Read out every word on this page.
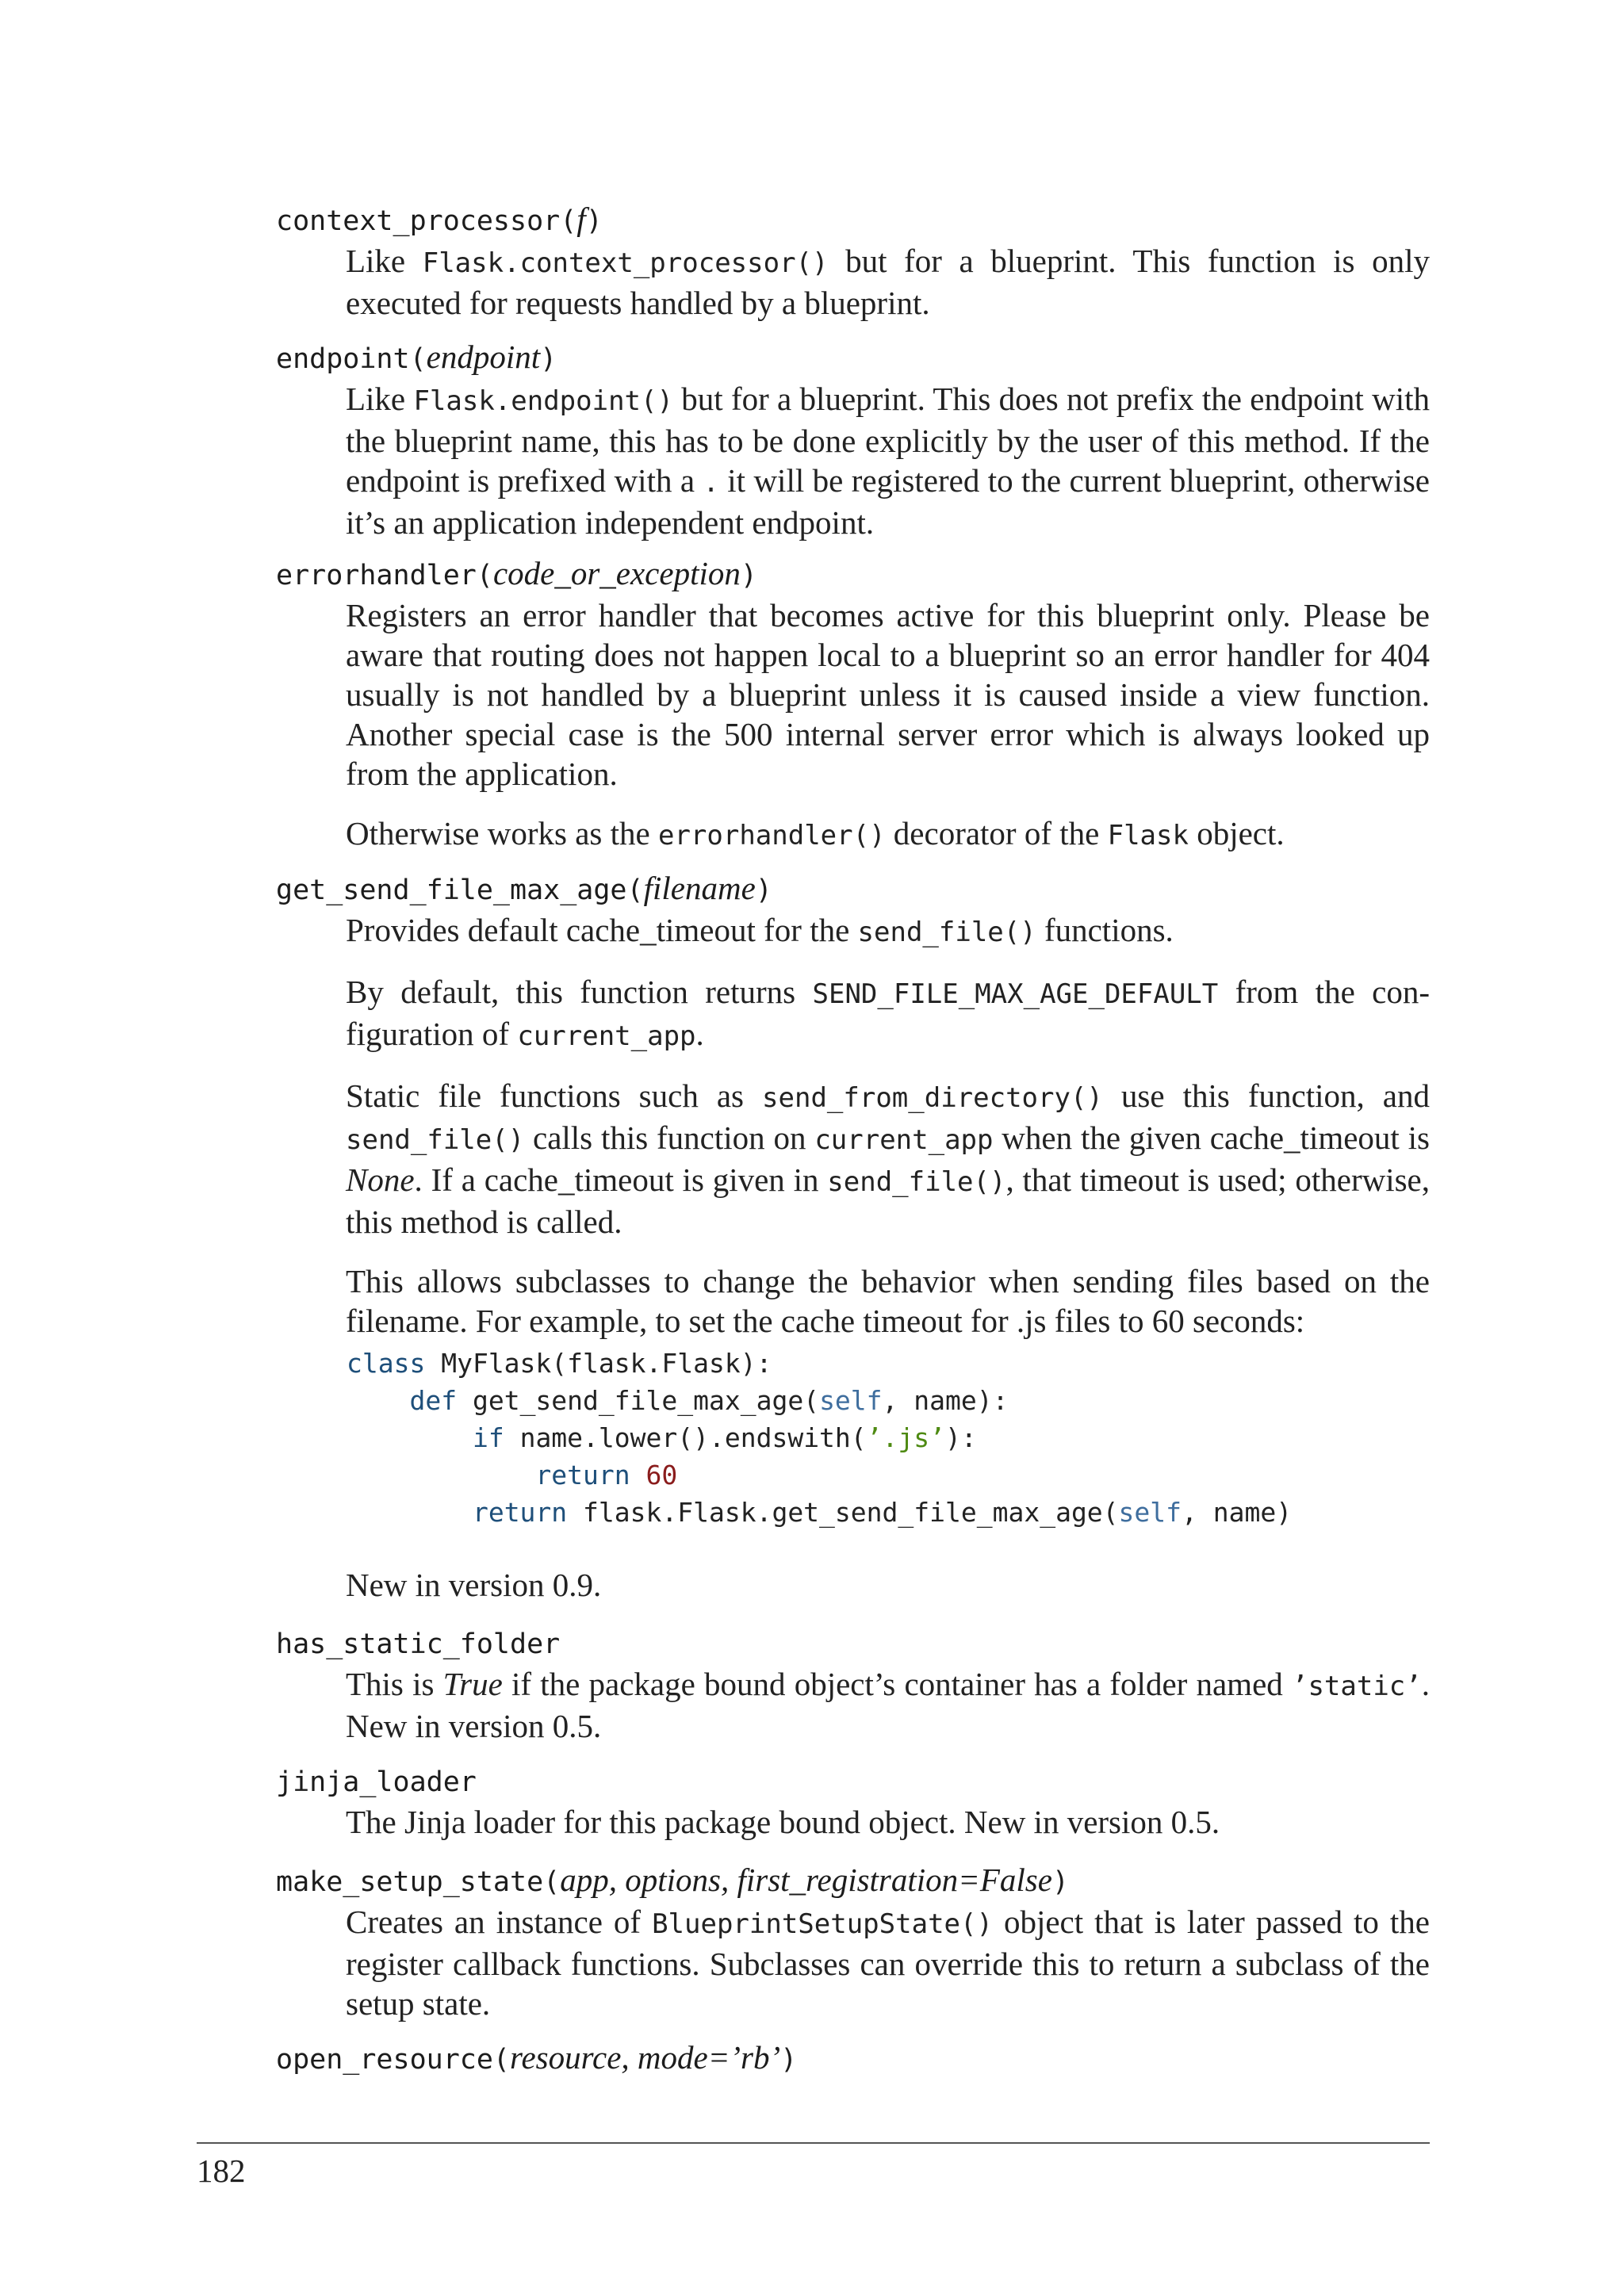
context_processor(f)

Like Flask.context_processor() but for a blueprint. This function is only executed for requests handled by a blueprint.

endpoint(endpoint)

Like Flask.endpoint() but for a blueprint. This does not prefix the endpoint with the blueprint name, this has to be done explicitly by the user of this method. If the endpoint is prefixed with a . it will be registered to the current blueprint, otherwise it’s an application independent endpoint.

errorhandler(code_or_exception)

Registers an error handler that becomes active for this blueprint only. Please be aware that routing does not happen local to a blueprint so an error handler for 404 usually is not handled by a blueprint unless it is caused inside a view function. Another special case is the 500 internal server error which is always looked up from the application.

Otherwise works as the errorhandler() decorator of the Flask object.

get_send_file_max_age(filename)

Provides default cache_timeout for the send_file() functions.

By default, this function returns SEND_FILE_MAX_AGE_DEFAULT from the configuration of current_app.

Static file functions such as send_from_directory() use this function, and send_file() calls this function on current_app when the given cache_timeout is None. If a cache_timeout is given in send_file(), that timeout is used; otherwise, this method is called.

This allows subclasses to change the behavior when sending files based on the filename. For example, to set the cache timeout for .js files to 60 seconds:

class MyFlask(flask.Flask):
def get_send_file_max_age(self, name):
if name.lower().endswith(’.js’):
return 60
return flask.Flask.get_send_file_max_age(self, name)

New in version 0.9.

has_static_folder

This is True if the package bound object’s container has a folder named ’static’. New in version 0.5.

jinja_loader

The Jinja loader for this package bound object. New in version 0.5.

make_setup_state(app, options, first_registration=False)

Creates an instance of BlueprintSetupState() object that is later passed to the register callback functions. Subclasses can override this to return a subclass of the setup state.

open_resource(resource, mode=’rb’)
182
